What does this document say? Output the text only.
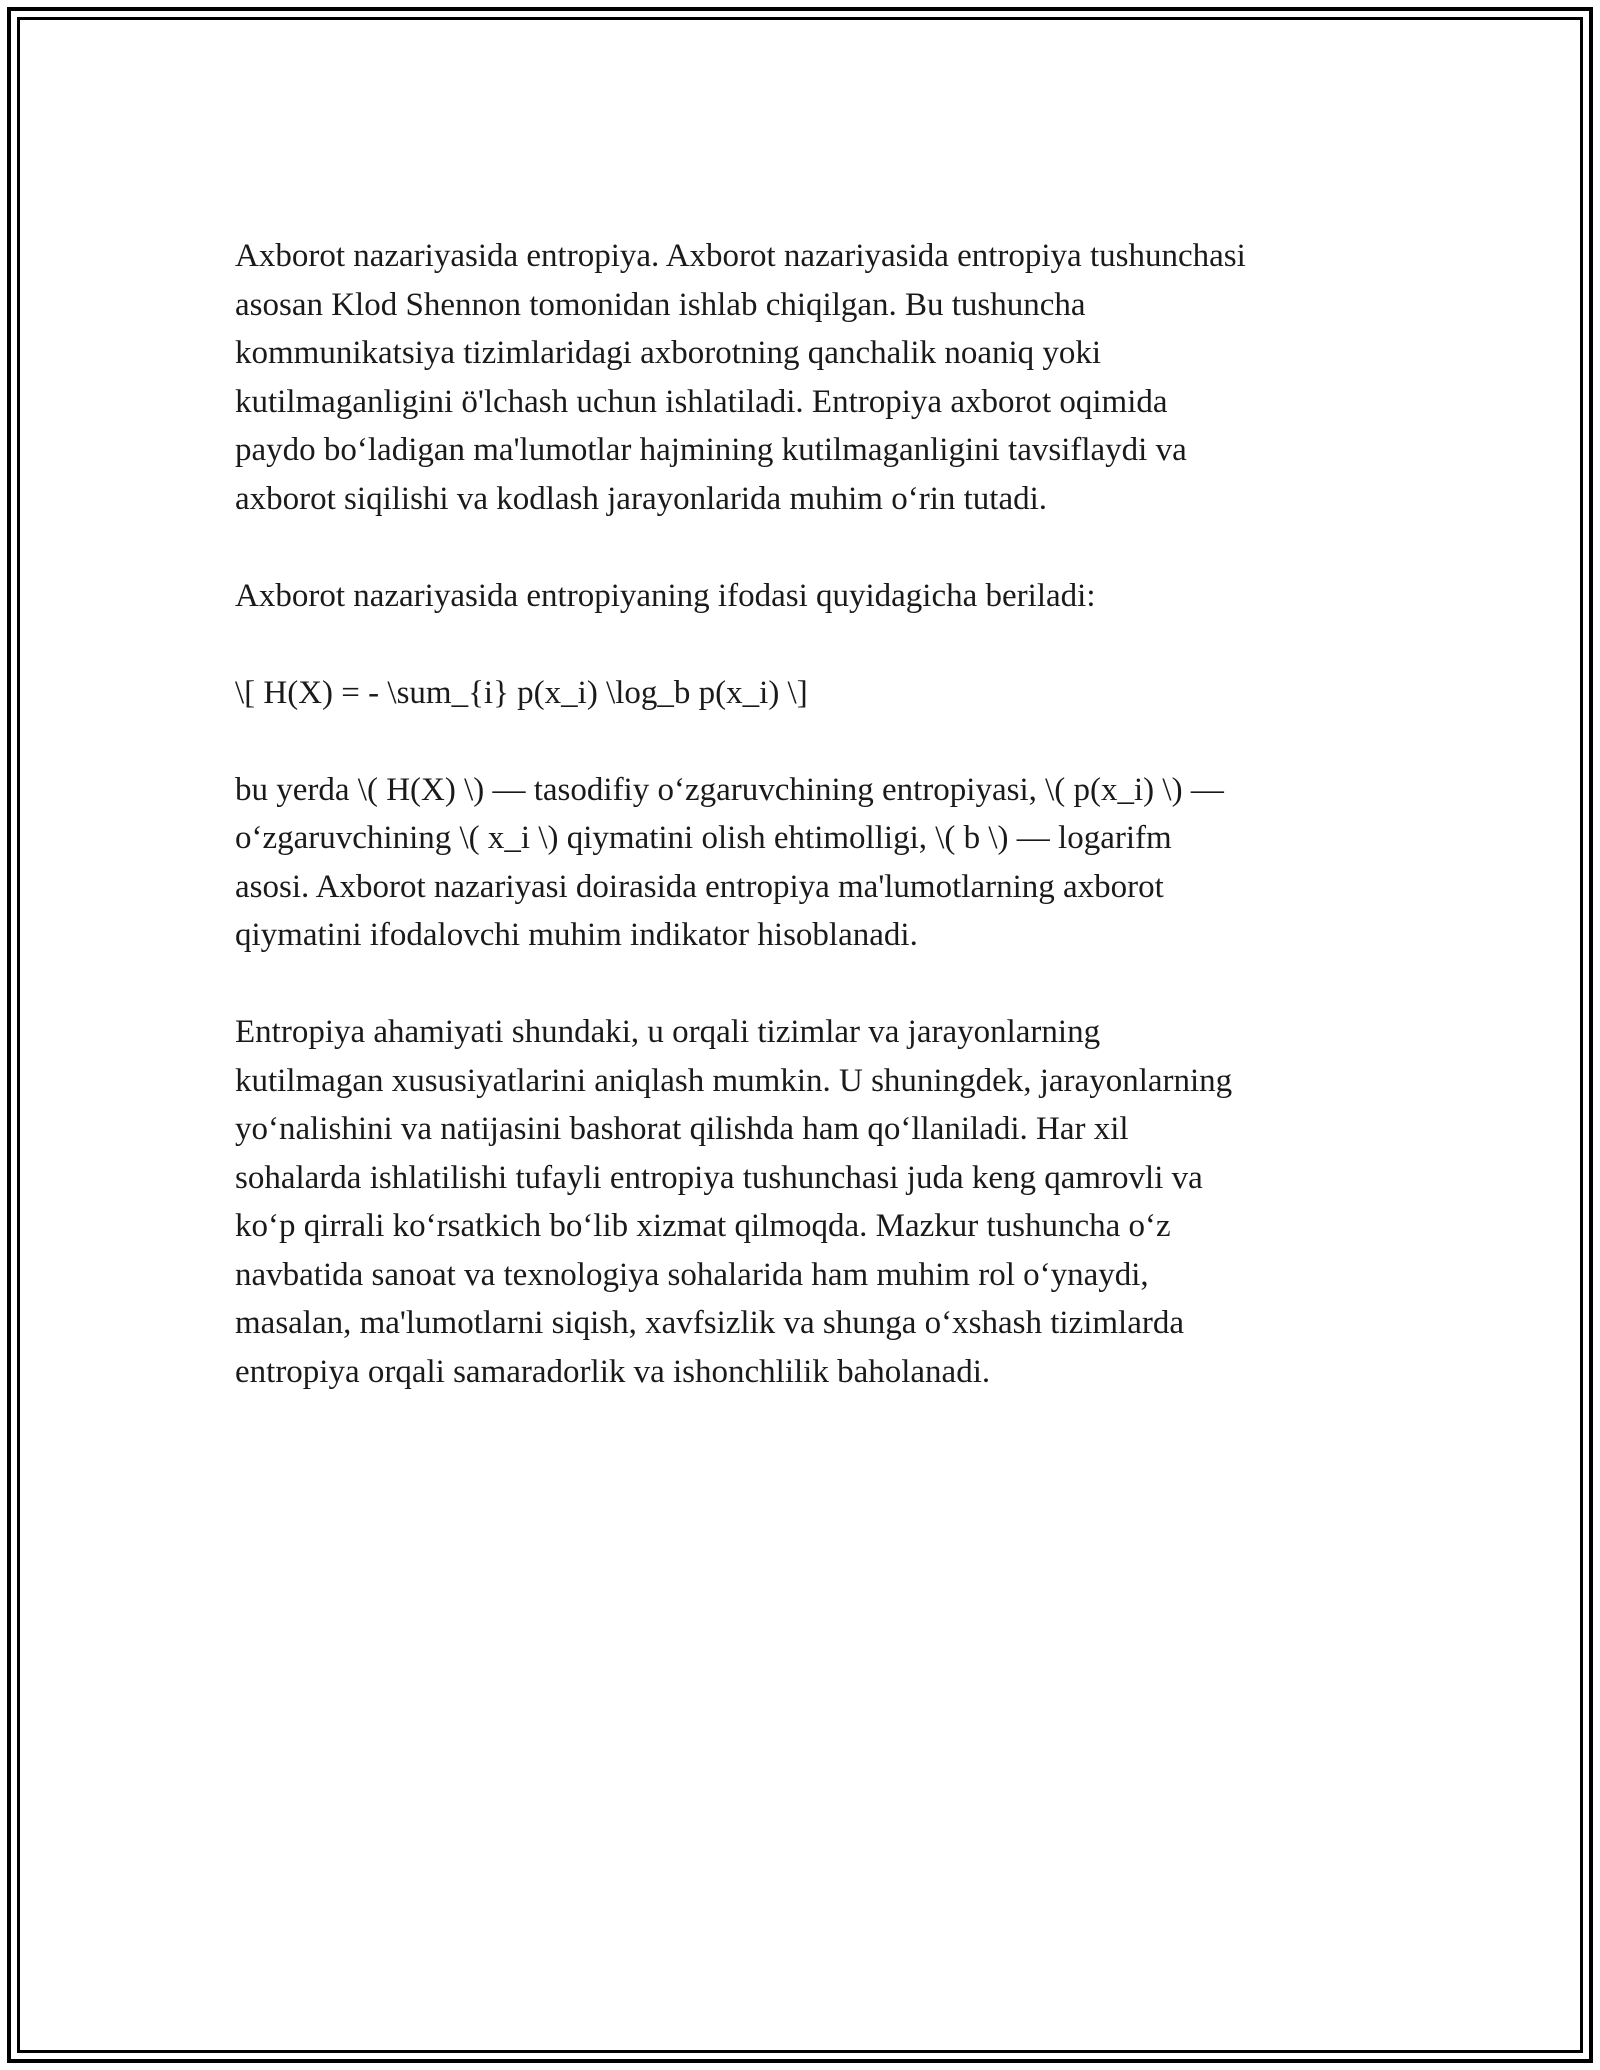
Axborot nazariyasida entropiya. Axborot nazariyasida entropiya tushunchasi
asosan Klod Shennon tomonidan ishlab chiqilgan. Bu tushuncha
kommunikatsiya tizimlaridagi axborotning qanchalik noaniq yoki
kutilmaganligini ö'lchash uchun ishlatiladi. Entropiya axborot oqimida
paydo boʻladigan ma'lumotlar hajmining kutilmaganligini tavsiflaydi va
axborot siqilishi va kodlash jarayonlarida muhim oʻrin tutadi.

Axborot nazariyasida entropiyaning ifodasi quyidagicha beriladi:

\[ H(X) = - \sum_{i} p(x_i) \log_b p(x_i) \]

bu yerda \( H(X) \) — tasodifiy oʻzgaruvchining entropiyasi, \( p(x_i) \) —
oʻzgaruvchining \( x_i \) qiymatini olish ehtimolligi, \( b \) — logarifm
asosi. Axborot nazariyasi doirasida entropiya ma'lumotlarning axborot
qiymatini ifodalovchi muhim indikator hisoblanadi.

Entropiya ahamiyati shundaki, u orqali tizimlar va jarayonlarning
kutilmagan xususiyatlarini aniqlash mumkin. U shuningdek, jarayonlarning
yoʻnalishini va natijasini bashorat qilishda ham qoʻllaniladi. Har xil
sohalarda ishlatilishi tufayli entropiya tushunchasi juda keng qamrovli va
koʻp qirrali koʻrsatkich boʻlib xizmat qilmoqda. Mazkur tushuncha oʻz
navbatida sanoat va texnologiya sohalarida ham muhim rol oʻynaydi,
masalan, ma'lumotlarni siqish, xavfsizlik va shunga oʻxshash tizimlarda
entropiya orqali samaradorlik va ishonchlilik baholanadi.
